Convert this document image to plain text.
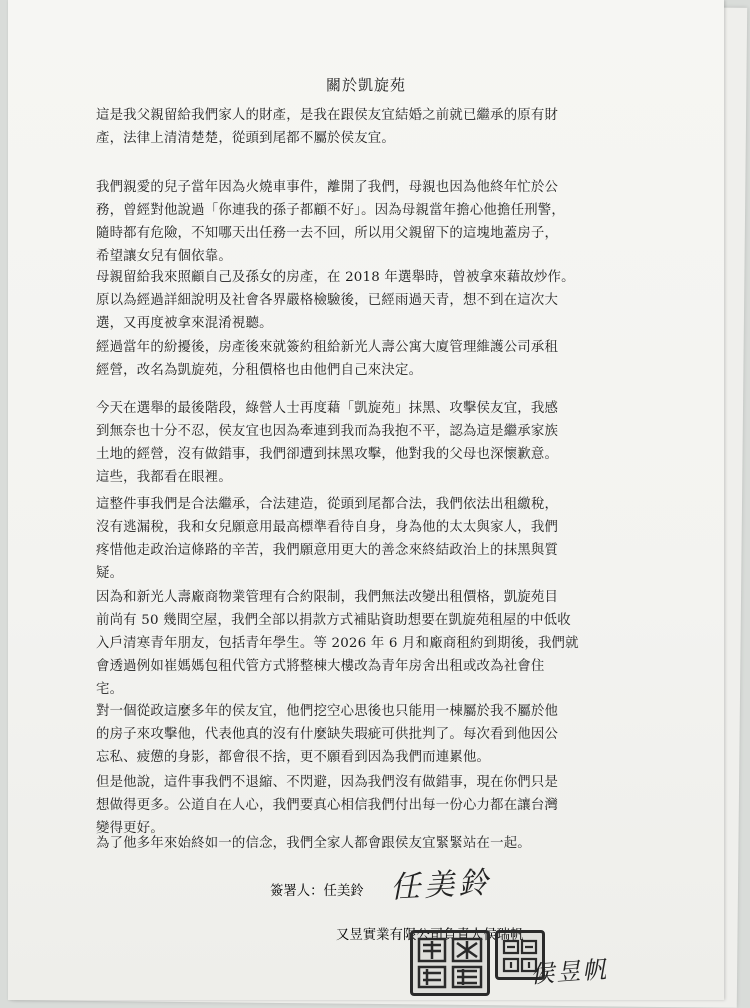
關於凱旋苑
這是我父親留給我們家人的財產，是我在跟侯友宜結婚之前就已繼承的原有財
產，法律上清清楚楚，從頭到尾都不屬於侯友宜。
我們親愛的兒子當年因為火燒車事件，離開了我們，母親也因為他終年忙於公
務，曾經對他說過「你連我的孫子都顧不好」。因為母親當年擔心他擔任刑警，
隨時都有危險，不知哪天出任務一去不回，所以用父親留下的這塊地蓋房子，
希望讓女兒有個依靠。
母親留給我來照顧自己及孫女的房產，在 2018 年選舉時，曾被拿來藉故炒作。
原以為經過詳細說明及社會各界嚴格檢驗後，已經雨過天青，想不到在這次大
選，又再度被拿來混淆視聽。
經過當年的紛擾後，房產後來就簽約租給新光人壽公寓大廈管理維護公司承租
經營，改名為凱旋苑，分租價格也由他們自己來決定。
今天在選舉的最後階段，綠營人士再度藉「凱旋苑」抹黑、攻擊侯友宜，我感
到無奈也十分不忍，侯友宜也因為牽連到我而為我抱不平，認為這是繼承家族
土地的經營，沒有做錯事，我們卻遭到抹黑攻擊，他對我的父母也深懷歉意。
這些，我都看在眼裡。
這整件事我們是合法繼承，合法建造，從頭到尾都合法，我們依法出租繳稅，
沒有逃漏稅，我和女兒願意用最高標準看待自身，身為他的太太與家人，我們
疼惜他走政治這條路的辛苦，我們願意用更大的善念來終結政治上的抹黑與質
疑。
因為和新光人壽廠商物業管理有合約限制，我們無法改變出租價格，凱旋苑目
前尚有 50 幾間空屋，我們全部以捐款方式補貼資助想要在凱旋苑租屋的中低收
入戶清寒青年朋友，包括青年學生。等 2026 年 6 月和廠商租約到期後，我們就
會透過例如崔媽媽包租代管方式將整棟大樓改為青年房舍出租或改為社會住
宅。
對一個從政這麼多年的侯友宜，他們挖空心思後也只能用一棟屬於我不屬於他
的房子來攻擊他，代表他真的沒有什麼缺失瑕疵可供批判了。每次看到他因公
忘私、疲憊的身影，都會很不捨，更不願看到因為我們而連累他。
但是他說，這件事我們不退縮、不閃避，因為我們沒有做錯事，現在你們只是
想做得更多。公道自在人心，我們要真心相信我們付出每一份心力都在讓台灣
變得更好。
為了他多年來始終如一的信念，我們全家人都會跟侯友宜緊緊站在一起。
簽署人：任美鈴 任美鈴
又昱實業有限公司負責人侯瑞帆
侯昱帆
